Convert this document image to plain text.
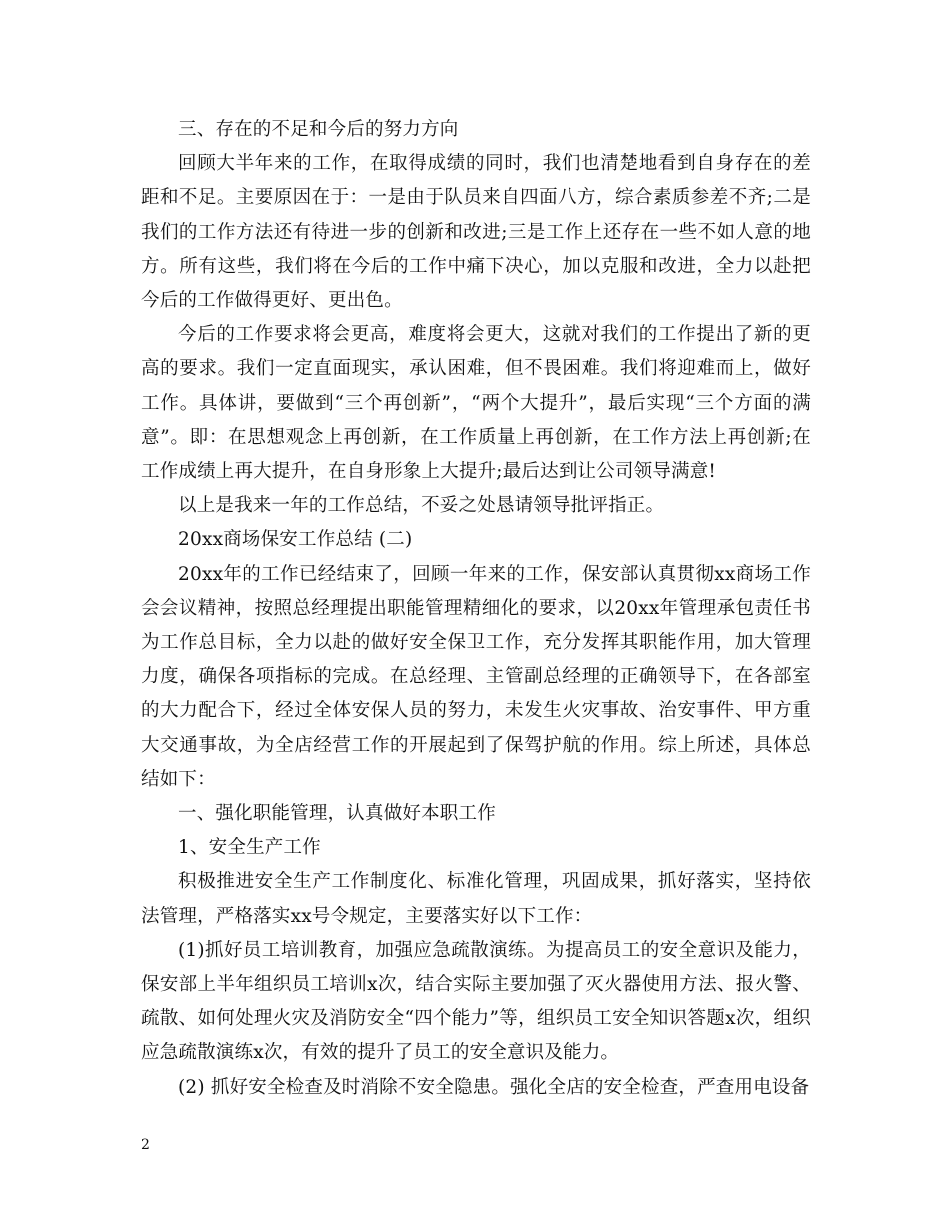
三、存在的不足和今后的努力方向

回顾大半年来的工作，在取得成绩的同时，我们也清楚地看到自身存在的差距和不足。主要原因在于：一是由于队员来自四面八方，综合素质参差不齐;二是我们的工作方法还有待进一步的创新和改进;三是工作上还存在一些不如人意的地方。所有这些，我们将在今后的工作中痛下决心，加以克服和改进，全力以赴把今后的工作做得更好、更出色。

今后的工作要求将会更高，难度将会更大，这就对我们的工作提出了新的更高的要求。我们一定直面现实，承认困难，但不畏困难。我们将迎难而上，做好工作。具体讲，要做到“三个再创新”，“两个大提升”，最后实现“三个方面的满意”。即：在思想观念上再创新，在工作质量上再创新，在工作方法上再创新;在工作成绩上再大提升，在自身形象上大提升;最后达到让公司领导满意!

以上是我来一年的工作总结，不妥之处恳请领导批评指正。

20xx商场保安工作总结 (二)

20xx年的工作已经结束了，回顾一年来的工作，保安部认真贯彻xx商场工作会会议精神，按照总经理提出职能管理精细化的要求，以20xx年管理承包责任书为工作总目标，全力以赴的做好安全保卫工作，充分发挥其职能作用，加大管理力度，确保各项指标的完成。在总经理、主管副总经理的正确领导下，在各部室的大力配合下，经过全体安保人员的努力，未发生火灾事故、治安事件、甲方重大交通事故，为全店经营工作的开展起到了保驾护航的作用。综上所述，具体总结如下：

一、强化职能管理，认真做好本职工作

1、安全生产工作

积极推进安全生产工作制度化、标准化管理，巩固成果，抓好落实，坚持依法管理，严格落实xx号令规定，主要落实好以下工作：

(1)抓好员工培训教育，加强应急疏散演练。为提高员工的安全意识及能力，保安部上半年组织员工培训x次，结合实际主要加强了灭火器使用方法、报火警、疏散、如何处理火灾及消防安全“四个能力”等，组织员工安全知识答题x次，组织应急疏散演练x次，有效的提升了员工的安全意识及能力。

(2) 抓好安全检查及时消除不安全隐患。强化全店的安全检查，严查用电设备

2
